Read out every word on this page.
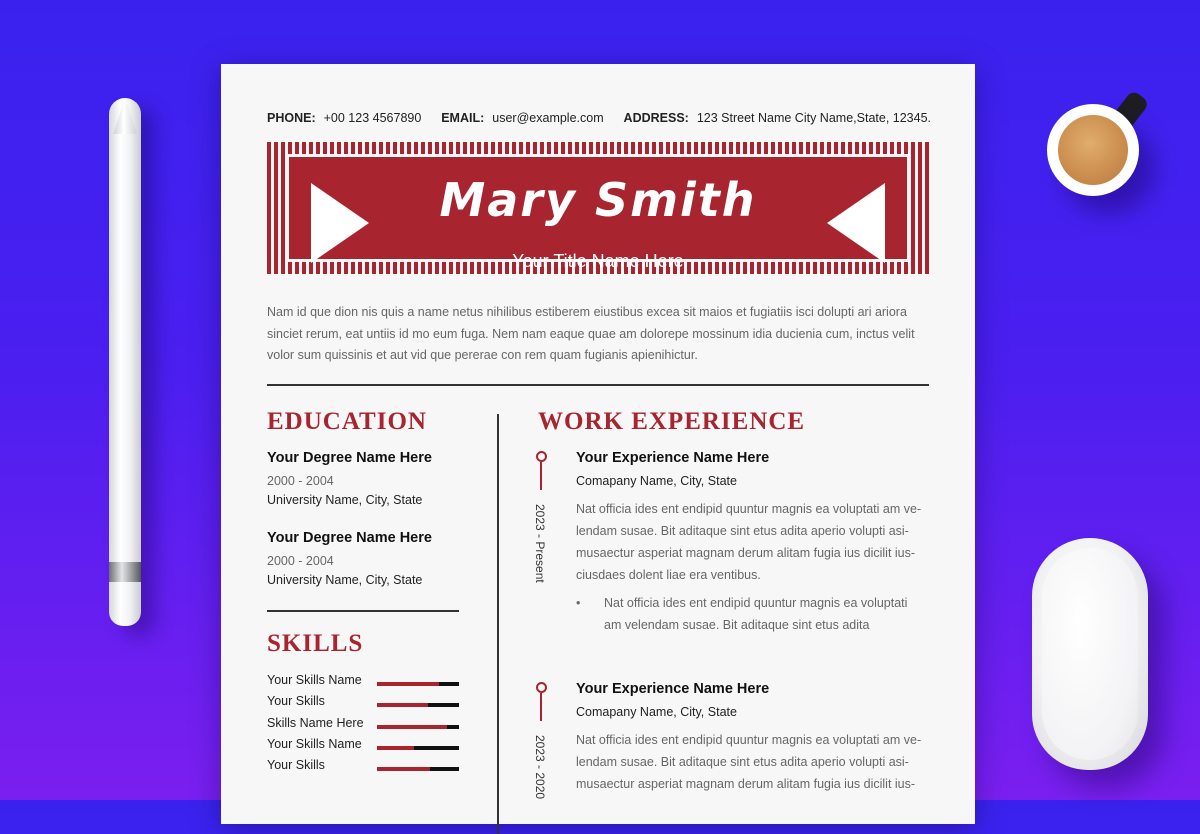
PHONE: +00 123 4567890 EMAIL: user@example.com ADDRESS: 123 Street Name City Name,State, 12345.
Mary Smith
Your Title Name Here
Nam id que dion nis quis a name netus nihilibus estiberem eiustibus excea sit maios et fugiatiis isci dolupti ari ariora sinciet rerum, eat untiis id mo eum fuga. Nem nam eaque quae am dolorepe mossinum idia ducienia cum, inctus velit volor sum quissinis et aut vid que pererae con rem quam fugianis apienihictur.
EDUCATION
Your Degree Name Here
2000 - 2004
University Name, City, State
Your Degree Name Here
2000 - 2004
University Name, City, State
SKILLS
Your Skills Name
Your Skills
Skills Name Here
Your Skills Name
Your Skills
WORK EXPERIENCE
2023 - Present
Your Experience Name Here
Comapany Name, City, State
Nat officia ides ent endipid quuntur magnis ea voluptati am ve-
lendam susae. Bit aditaque sint etus adita aperio volupti asi-
musaectur asperiat magnam derum alitam fugia ius dicilit ius-
ciusdaes dolent liae era ventibus.
• Nat officia ides ent endipid quuntur magnis ea voluptati
am velendam susae. Bit aditaque sint etus adita
2023 - 2020
Your Experience Name Here
Comapany Name, City, State
Nat officia ides ent endipid quuntur magnis ea voluptati am ve-
lendam susae. Bit aditaque sint etus adita aperio volupti asi-
musaectur asperiat magnam derum alitam fugia ius dicilit ius-
